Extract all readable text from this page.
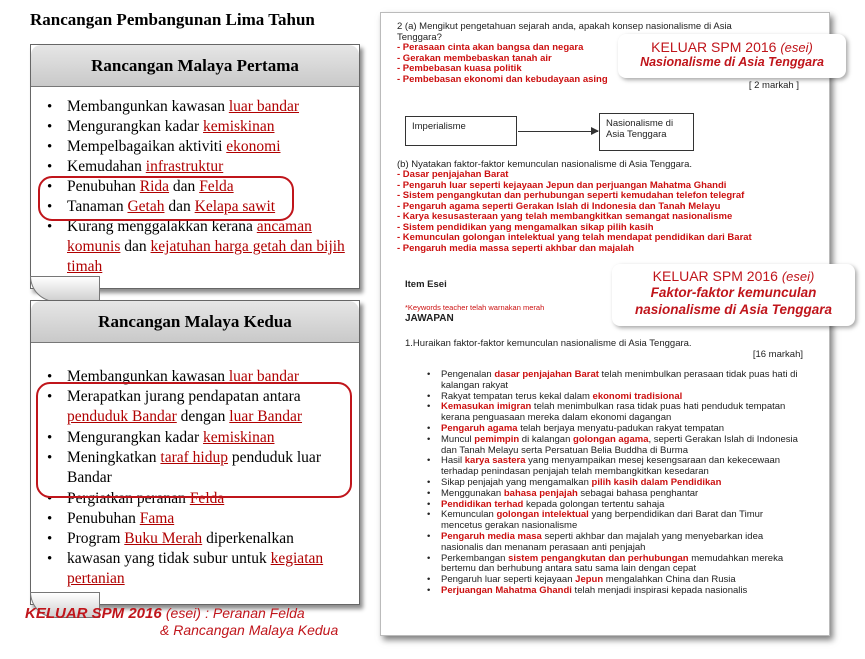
Rancangan Pembangunan Lima Tahun
Rancangan Malaya Pertama
• Membangunkan kawasan luar bandar
• Mengurangkan kadar kemiskinan
• Mempelbagaikan aktiviti ekonomi
• Kemudahan infrastruktur
• Penubuhan Rida dan Felda
• Tanaman Getah dan Kelapa sawit
• Kurang menggalakkan kerana ancaman komunis dan kejatuhan harga getah dan bijih timah
Rancangan Malaya Kedua
• Membangunkan kawasan luar bandar
• Merapatkan jurang pendapatan antara penduduk Bandar dengan luar Bandar
• Mengurangkan kadar kemiskinan
• Meningkatkan taraf hidup penduduk luar Bandar
• Pergiatkan peranan Felda
• Penubuhan Fama
• Program Buku Merah diperkenalkan
• kawasan yang tidak subur untuk kegiatan pertanian
KELUAR SPM 2016 (esei) : Peranan Felda
& Rancangan Malaya Kedua
2 (a) Mengikut pengetahuan sejarah anda, apakah konsep nasionalisme di Asia Tenggara?
- Perasaan cinta akan bangsa dan negara
- Gerakan membebaskan tanah air
- Pembebasan kuasa politik
- Pembebasan ekonomi dan kebudayaan asing
[ 2 markah ]
Imperialisme	Nasionalisme di Asia Tenggara
(b) Nyatakan faktor-faktor kemunculan nasionalisme di Asia Tenggara.
- Dasar penjajahan Barat
- Pengaruh luar seperti kejayaan Jepun dan perjuangan Mahatma Ghandi
- Sistem pengangkutan dan perhubungan seperti kemudahan telefon telegraf
- Pengaruh agama seperti Gerakan Islah di Indonesia dan Tanah Melayu
- Karya kesusasteraan yang telah membangkitkan semangat nasionalisme
- Sistem pendidikan yang mengamalkan sikap pilih kasih
- Kemunculan golongan intelektual yang telah mendapat pendidikan dari Barat
- Pengaruh media massa seperti akhbar dan majalah
Item Esei
*Keywords teacher telah warnakan merah
JAWAPAN
1.Huraikan faktor-faktor kemunculan nasionalisme di Asia Tenggara.
[16 markah]
• Pengenalan dasar penjajahan Barat telah menimbulkan perasaan tidak puas hati di kalangan rakyat
• Rakyat tempatan terus kekal dalam ekonomi tradisional
• Kemasukan imigran telah menimbulkan rasa tidak puas hati penduduk tempatan kerana penguasaan mereka dalam ekonomi dagangan
• Pengaruh agama telah berjaya menyatu-padukan rakyat tempatan
• Muncul pemimpin di kalangan golongan agama, seperti Gerakan Islah di Indonesia dan Tanah Melayu serta Persatuan Belia Buddha di Burma
• Hasil karya sastera yang menyampaikan mesej kesengsaraan dan kekecewaan terhadap penindasan penjajah telah membangkitkan kesedaran
• Sikap penjajah yang mengamalkan pilih kasih dalam Pendidikan
• Menggunakan bahasa penjajah sebagai bahasa penghantar
• Pendidikan terhad kepada golongan tertentu sahaja
• Kemunculan golongan intelektual yang berpendidikan dari Barat dan Timur mencetus gerakan nasionalisme
• Pengaruh media masa seperti akhbar dan majalah yang menyebarkan idea nasionalis dan menanam perasaan anti penjajah
• Perkembangan sistem pengangkutan dan perhubungan memudahkan mereka bertemu dan berhubung antara satu sama lain dengan cepat
• Pengaruh luar seperti kejayaan Jepun mengalahkan China dan Rusia
• Perjuangan Mahatma Ghandi telah menjadi inspirasi kepada nasionalis
KELUAR SPM 2016 (esei)
Nasionalisme di Asia Tenggara
KELUAR SPM 2016 (esei)
Faktor-faktor kemunculan
nasionalisme di Asia Tenggara
